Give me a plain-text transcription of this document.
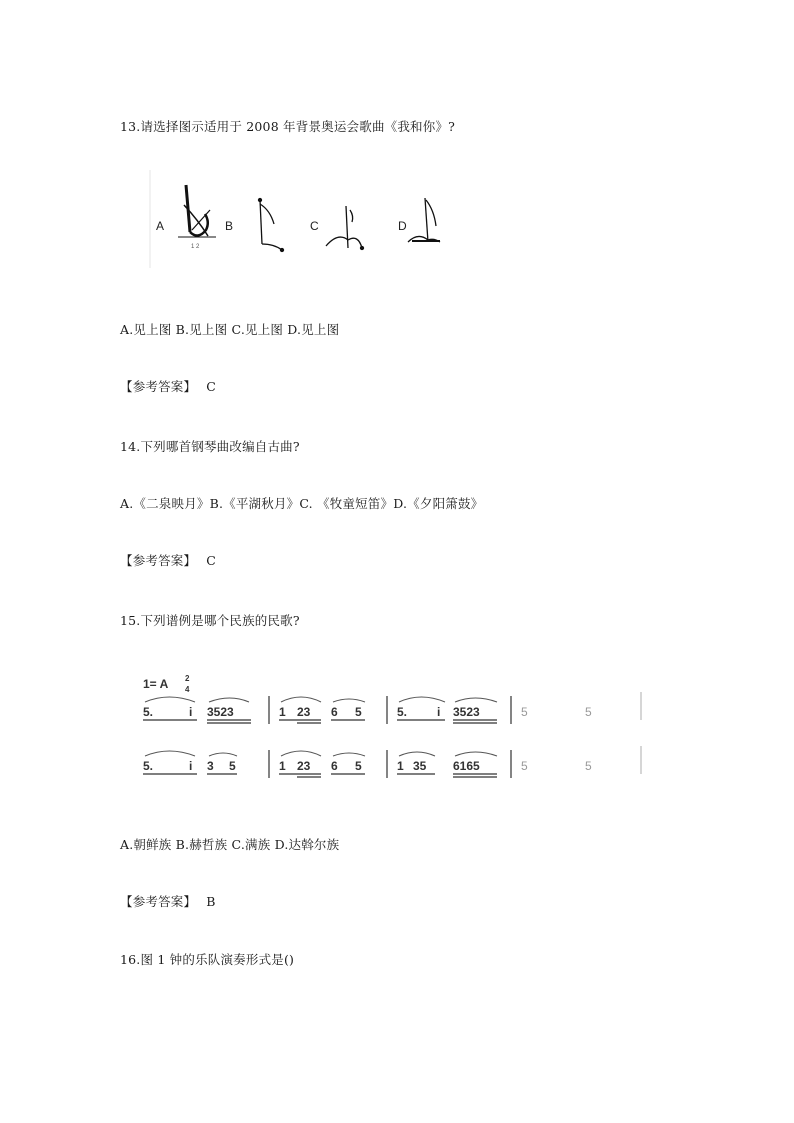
13.请选择图示适用于 2008 年背景奥运会歌曲《我和你》?
A
1 2
B	C	D
A.见上图 B.见上图 C.见上图 D.见上图
【参考答案】 C
14.下列哪首钢琴曲改编自古曲?
A.《二泉映月》B.《平湖秋月》C. 《牧童短笛》D.《夕阳箫鼓》
【参考答案】 C
15.下列谱例是哪个民族的民歌?
1= A 2
4
5.	i 3523	1 23 6 5	5. i 3523	5	5
5.	i 3 5	1 23 6 5	1 35 6165	5	5
A.朝鲜族 B.赫哲族 C.满族 D.达斡尔族
【参考答案】 B
16.图 1 钟的乐队演奏形式是()
